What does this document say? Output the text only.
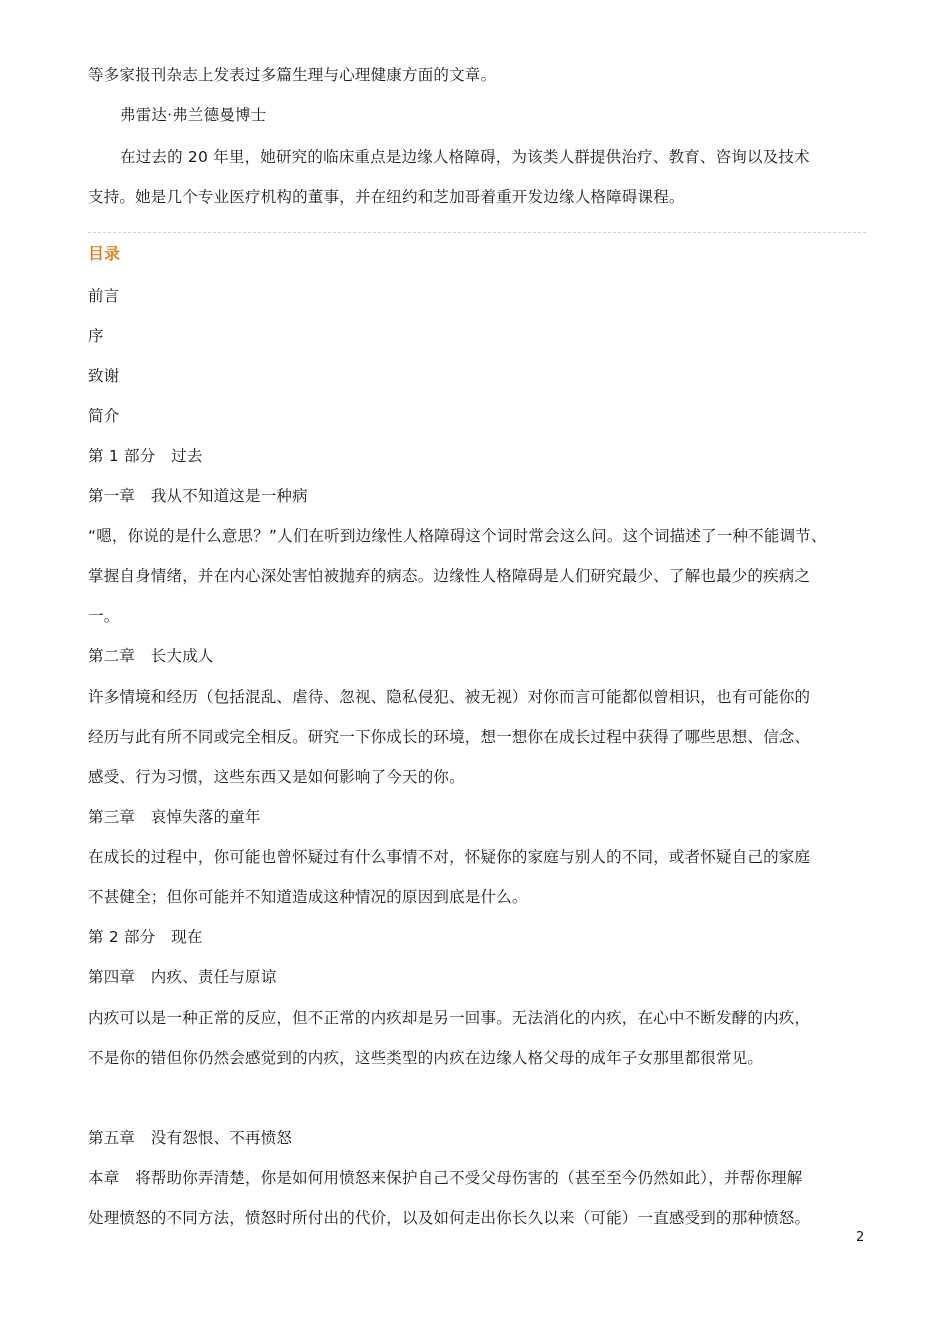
等多家报刊杂志上发表过多篇生理与心理健康方面的文章。
弗雷达·弗兰德曼博士
在过去的 20 年里，她研究的临床重点是边缘人格障碍，为该类人群提供治疗、教育、咨询以及技术
支持。她是几个专业医疗机构的董事，并在纽约和芝加哥着重开发边缘人格障碍课程。
目录
前言
序
致谢
简介
第 1 部分　过去
第一章　我从不知道这是一种病
“嗯，你说的是什么意思？”人们在听到边缘性人格障碍这个词时常会这么问。这个词描述了一种不能调节、
掌握自身情绪，并在内心深处害怕被抛弃的病态。边缘性人格障碍是人们研究最少、了解也最少的疾病之
一。
第二章　长大成人
许多情境和经历（包括混乱、虐待、忽视、隐私侵犯、被无视）对你而言可能都似曾相识，也有可能你的
经历与此有所不同或完全相反。研究一下你成长的环境，想一想你在成长过程中获得了哪些思想、信念、
感受、行为习惯，这些东西又是如何影响了今天的你。
第三章　哀悼失落的童年
在成长的过程中，你可能也曾怀疑过有什么事情不对，怀疑你的家庭与别人的不同，或者怀疑自己的家庭
不甚健全；但你可能并不知道造成这种情况的原因到底是什么。
第 2 部分　现在
第四章　内疚、责任与原谅
内疚可以是一种正常的反应，但不正常的内疚却是另一回事。无法消化的内疚，在心中不断发酵的内疚，
不是你的错但你仍然会感觉到的内疚，这些类型的内疚在边缘人格父母的成年子女那里都很常见。
第五章　没有怨恨、不再愤怒
本章　将帮助你弄清楚，你是如何用愤怒来保护自己不受父母伤害的（甚至至今仍然如此），并帮你理解
处理愤怒的不同方法，愤怒时所付出的代价，以及如何走出你长久以来（可能）一直感受到的那种愤怒。
2
